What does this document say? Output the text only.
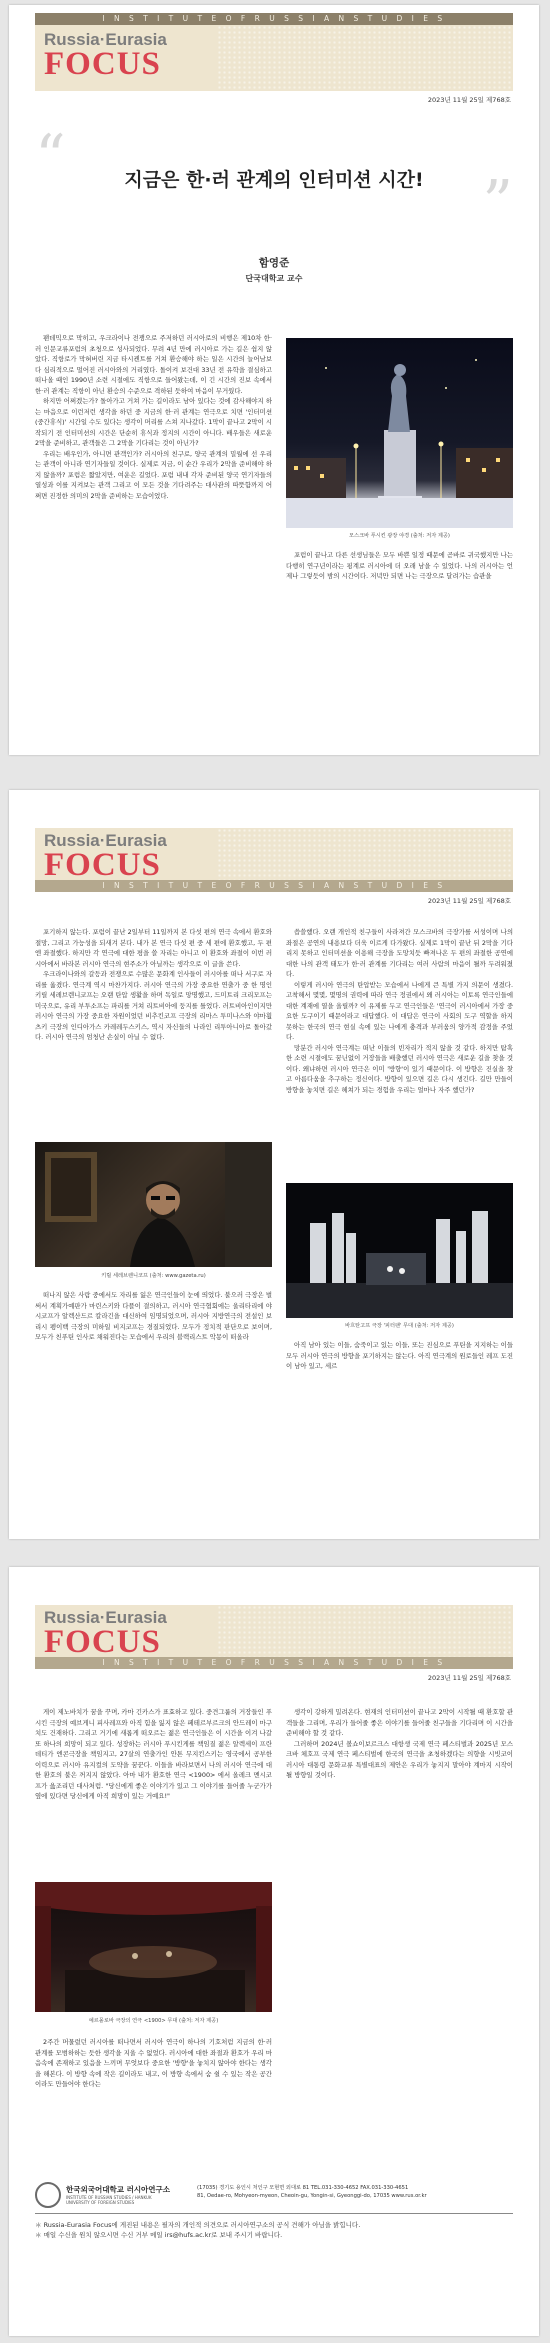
I N S T I T U T E O F R U S S I A N S T U D I E S
Russia·Eurasia
FOCUS
2023년 11월 25일 제768호
“
”
지금은 한·러 관계의 인터미션 시간!
함영준
단국대학교 교수

팬데믹으로 막히고, 우크라이나 전쟁으로 주저하던 러시아로의 비행은 제10차 한·러 인문교류포럼의 초청으로 성사되었다. 무려 4년 만에 러시아로 가는 길은 쉽지 않았다. 직항로가 막혀버린 지금 타시켄트를 거쳐 환승해야 하는 일은 시간의 늘어남보다 심리적으로 멀어진 러시아와의 거리였다. 돌이켜 보건대 33년 전 유학을 결심하고 떠나올 때인 1990년 소련 시절에도 직항으로 들어왔는데, 이 긴 시간의 진보 속에서 한·러 관계는 직항이 아닌 환승의 수준으로 격하된 듯하여 마음이 무거웠다.

하지만 어쩌겠는가? 돌아가고 거쳐 가는 길이라도 남아 있다는 것에 감사해야지 하는 마음으로 이런저런 생각을 하던 중 지금의 한·러 관계는 연극으로 치면 '인터미션(중간휴식)' 시간일 수도 있다는 생각이 머리를 스쳐 지나갔다. 1막이 끝나고 2막이 시작되기 전 인터미션의 시간은 단순히 휴식과 정지의 시간이 아니다. 배우들은 새로운 2막을 준비하고, 관객들은 그 2막을 기다리는 것이 아닌가?

우리는 배우인가, 아니면 관객인가? 러시아의 친구로, 양국 관계의 밀월에 선 우리는 관객이 아니라 연기자들일 것이다. 실제로 지금, 이 순간 우리가 2막을 준비해야 하지 않을까? 포럼은 짧았지만, 여운은 길었다. 포럼 내내 각자 준비된 양국 연기자들의 열성과 이를 지켜보는 관객 그리고 이 모든 것을 기다려주는 대사관의 따뜻함까지 어쩌면 진정한 의미의 2막을 준비하는 모습이었다.

모스크바 푸시킨 광장 야경 (출처: 저자 제공)

포럼이 끝나고 다른 선생님들은 모두 바쁜 일정 때문에 곧바로 귀국했지만 나는 다행히 연구년이라는 핑계로 러시아에 더 오래 남을 수 있었다. 나의 러시아는 언제나 그렇듯이 밤의 시간이다. 저녁만 되면 나는 극장으로 달려가는 습관을

Russia·Eurasia
FOCUS
I N S T I T U T E O F R U S S I A N S T U D I E S
2023년 11월 25일 제768호

포기하지 않는다. 포럼이 끝난 2일부터 11일까지 본 다섯 편의 연극 속에서 환호와 절망, 그리고 가능성을 되새겨 본다. 내가 본 연극 다섯 편 중 세 편에 환호했고, 두 편엔 좌절했다. 하지만 각 연극에 대한 평을 쓸 자리는 아니고 이 환호와 좌절이 이번 러시아에서 바라본 러시아 연극의 현주소가 아닐까는 생각으로 이 글을 쓴다.

우크라이나와의 갈등과 전쟁으로 수많은 문화계 인사들이 러시아를 떠나 서구로 자리를 옮겼다. 연극계 역시 마찬가지다. 러시아 연극의 가장 중요한 연출가 중 한 명인 키릴 세레브렌니코프는 오랜 탄압 생활을 하며 독일로 망명했고, 드미트리 크리모프는 미국으로, 유리 부투소프는 파리를 거쳐 리트비아에 둥지를 틀었다. 러트비아인이지만 러시아 연극의 가장 중요한 자원이었던 비추킨코프 극장의 리마스 투미나스와 야마훨츠키 극장의 인디아가스 카레레두스키스, 역시 자신들의 나라인 리투아니아로 돌아갔다. 러시아 연극의 엄청난 손실이 아닐 수 없다.

키릴 세레브렌니코프 (출처: www.gazeta.ru)

떠나지 않은 사람 중에서도 자리를 잃은 연극인들이 눈에 띄었다. 불으러 극장은 벌써서 계획가예판가 마린스키와 다플이 결의하고, 러시아 연극협회에는 울리타리에 야시코프가 알렉산드르 칼라긴을 대신하여 임명되었으며, 러시아 지방연극의 전설인 보리시 펭이백 극장의 미하일 비지코프는 경질되었다. 모두가 정치적 판단으로 보이며, 모두가 친푸틴 인사로 채워진다는 모습에서 우리의 블랙리스트 악몽이 떠올라

씁쓸했다. 오랜 개인적 친구들이 사라져간 모스크바의 극장가를 서성이며 나의 좌절은 공연의 내용보다 더욱 이르게 다가왔다. 실제로 1막이 끝난 뒤 2막을 기다리지 못하고 인터미션을 이용해 극장을 도망치듯 빠져나온 두 편의 좌절한 공연에 대한 나의 관객 태도가 한·러 관계를 기다리는 여러 사람의 마음이 될까 두려워졌다.

이렇게 러시아 연극의 탄압받는 모습에서 나에게 큰 특별 가지 의문이 생겼다. 고착해서 몇몇, 몇명의 권력에 따라 연극 정권에서 왜 러시아는 이토록 연극인들에 대한 계재에 열을 올릴까? 이 유제를 두고 연극인들은 '연극이 러시아에서 가장 중요한 도구이기 때문이라고 대답했다. 이 대답은 연극이 사회의 도구 역할을 하지 못하는 한국의 연극 현실 속에 있는 나에게 충격과 부러움의 양가적 감정을 주었다.

망분간 러시아 연극계는 떠난 이들의 빈자리가 적지 않을 것 같다. 하지만 탐혹한 소련 시절에도 꿈닌없이 거장들을 배출했던 러시아 연극은 새로운 길을 찾을 것이다. 왜냐하면 러시아 연극은 이미 '방향'이 있기 때문이다. 이 방향은 진실을 찾고 아름다움을 추구하는 정신이다. 방향이 있으면 길은 다시 생긴다. 길만 만들이 방향을 놓치면 길은 헤쳐가 되는 경험을 우리는 얼마나 자주 했던가?

바흐탄고프 극장 '피터팬' 무대 (출처: 저자 제공)

아직 남아 있는 이들, 숨죽이고 있는 이들, 또는 진심으로 푸틴을 지지하는 이들 모두 러시아 연극의 방향을 포기하지는 않는다. 아직 연극계의 원로들인 레프 도진이 남아 있고, 세르

Russia·Eurasia
FOCUS
I N S T I T U T E O F R U S S I A N S T U D I E S
2023년 11월 25일 제768호

게이 제노바치가 꿈을 꾸며, 카마 긴카스가 표효하고 있다. 중견그룹의 거장들인 푸시킨 극장의 예브게니 피사레프와 아직 힘을 잃지 않은 페테르부르크의 안드레이 마구치도 건재하다. 그리고 거기에 새롭게 떠오르는 젊은 연극인들은 이 시간을 이겨 나갈 또 하나의 희망이 되고 있다. 성장하는 러시아 푸시킨게를 책임질 젊은 알렉세이 프란데티가 엔콘극장을 책임지고, 27살의 연출가인 안톤 무지킨스키는 영국에서 공부한 이력으로 러시아 유지컬의 도약을 꿈꾼다. 이들을 바라보면서 나의 러시아 연극에 대한 환호의 불은 꺼지지 않았다. 아마 내가 환호한 연극 <1900> 에서 올레크 멘시코프가 읊조리던 대사처럼. "당신에게 좋은 이야기가 있고 그 이야기를 들어줄 누군가가 옆에 있다면 당신에게 아직 희망이 있는 거예요!"

예르몰로바 극장의 연극 <1900> 무대 (출처: 저자 제공)

2주간 머물렀던 러시아를 떠나면서 러시아 연극이 하나의 기호처럼 지금의 한·러 관계를 모범하하는 듯한 생각을 지울 수 없었다. 러시아에 대한 좌절과 환호가 우리 마음속에 존재하고 있음을 느끼며 무엇보다 중요한 '방향'을 놓치지 않아야 한다는 생각을 해본다. 이 방향 속에 작은 길이라도 내고, 이 방향 속에서 숨 쉴 수 있는 작은 공간이라도 만들어야 한다는

생각이 강하게 밀려온다. 현재의 인터미션이 끝나고 2막이 시작될 때 환호할 관객들을 그리며, 우리가 들어줄 좋은 이야기를 들어줄 친구들을 기다리며 이 시간을 준비해야 할 것 같다.

그러하며 2024년 볼쇼이보르크스 대항생 국제 연극 페스티벌과 2025년 모스크바 체호프 국제 연극 페스티벌에 한국의 연극을 초청하겠다는 의향을 시빗코이 러시아 대통령 문화교류 특별대표의 제안은 우리가 놓지지 말아야 계마지 시작이 될 방향일 것이다.

한국외국어대학교 러시아연구소
INSTITUTE OF RUSSIAN STUDIES / HANKUK UNIVERSITY OF FOREIGN STUDIES
(17035) 경기도 용인시 처인구 모현면 외대로 81 TEL.031-330-4652 FAX.031-330-4651
81, Oedae-ro, Mohyeon-myeon, Cheoin-gu, Yongin-si, Gyeonggi-do, 17035 www.rus.or.kr
＊ Russia-Eurasia Focus에 게진된 내용은 필자의 개인적 의견으로 러시아연구소의 공식 견해가 아님을 밝힙니다.
＊ 매일 수신을 원치 않으시면 수신 거부 메일 irs@hufs.ac.kr로 보내 주시기 바랍니다.
